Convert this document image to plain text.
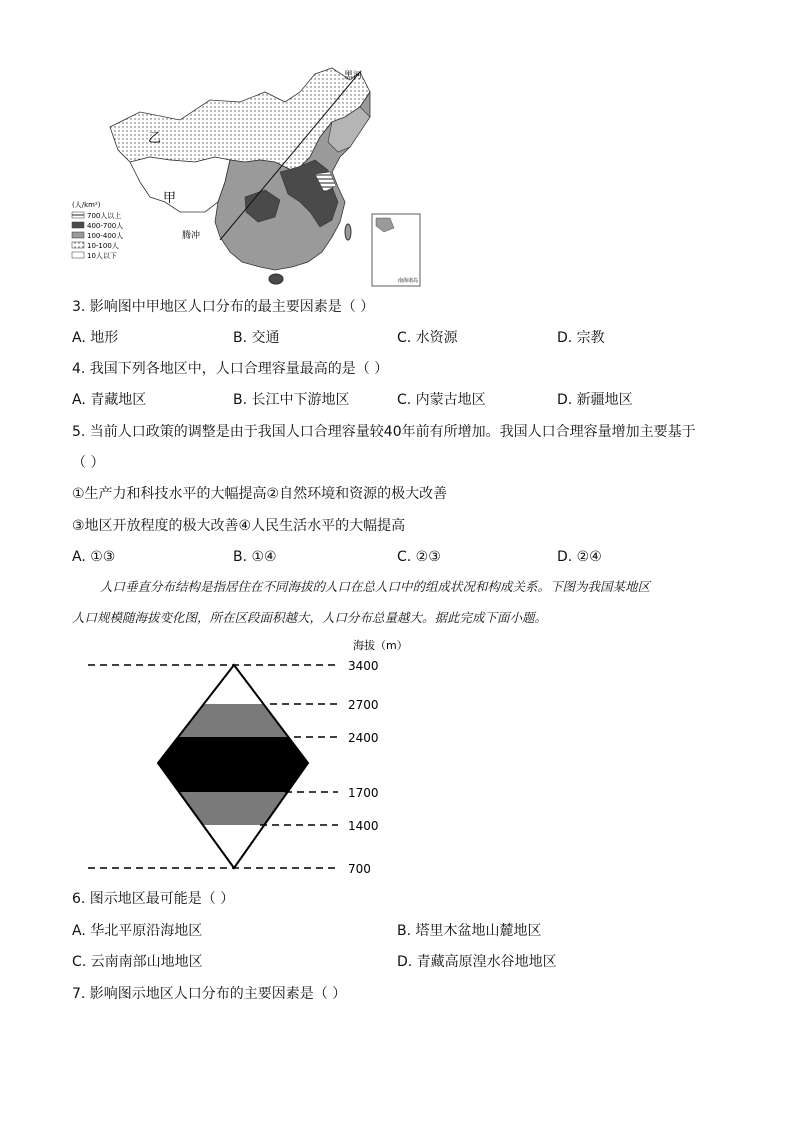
黑河
乙
甲
腾冲
(人/km²)
700人以上
400-700人
100-400人
10-100人
10人以下
南海诸岛
3. 影响图中甲地区人口分布的最主要因素是（ ）
A. 地形	B. 交通	C. 水资源	D. 宗教
4. 我国下列各地区中，人口合理容量最高的是（ ）
A. 青藏地区	B. 长江中下游地区	C. 内蒙古地区	D. 新疆地区
5. 当前人口政策的调整是由于我国人口合理容量较40年前有所增加。我国人口合理容量增加主要基于
（ ）
①生产力和科技水平的大幅提高②自然环境和资源的极大改善
③地区开放程度的极大改善④人民生活水平的大幅提高
A. ①③	B. ①④	C. ②③	D. ②④
人口垂直分布结构是指居住在不同海拔的人口在总人口中的组成状况和构成关系。下图为我国某地区
人口规模随海拔变化图，所在区段面积越大，人口分布总量越大。据此完成下面小题。
海拔（m）
3400
2700
2400
1700
1400
700
6. 图示地区最可能是（ ）
A. 华北平原沿海地区	B. 塔里木盆地山麓地区
C. 云南南部山地地区	D. 青藏高原湟水谷地地区
7. 影响图示地区人口分布的主要因素是（ ）
